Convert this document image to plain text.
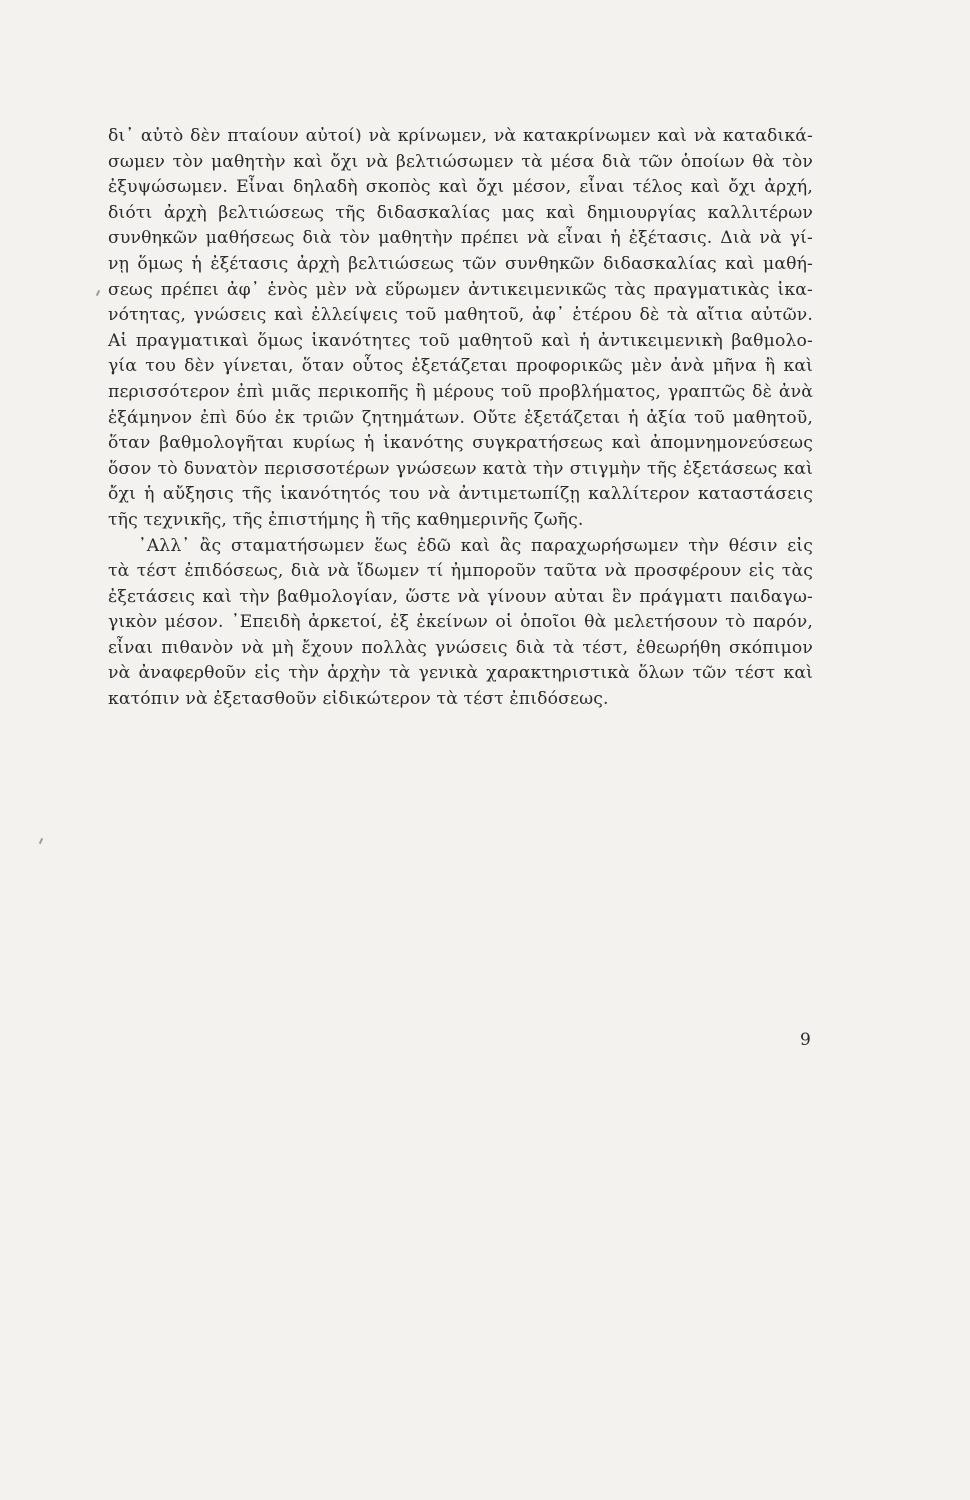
δι᾽ αὐτὸ δὲν πταίουν αὐτοί) νὰ κρίνωμεν, νὰ κατακρίνωμεν καὶ νὰ καταδικά-
σωμεν τὸν μαθητὴν καὶ ὄχι νὰ βελτιώσωμεν τὰ μέσα διὰ τῶν ὁποίων θὰ τὸν
ἐξυψώσωμεν. Εἶναι δηλαδὴ σκοπὸς καὶ ὄχι μέσον, εἶναι τέλος καὶ ὄχι ἀρχή,
διότι ἀρχὴ βελτιώσεως τῆς διδασκαλίας μας καὶ δημιουργίας καλλιτέρων
συνθηκῶν μαθήσεως διὰ τὸν μαθητὴν πρέπει νὰ εἶναι ἡ ἐξέτασις. Διὰ νὰ γί-
νῃ ὅμως ἡ ἐξέτασις ἀρχὴ βελτιώσεως τῶν συνθηκῶν διδασκαλίας καὶ μαθή-
σεως πρέπει ἀφ᾽ ἑνὸς μὲν νὰ εὕρωμεν ἀντικειμενικῶς τὰς πραγματικὰς ἱκα-
νότητας, γνώσεις καὶ ἐλλείψεις τοῦ μαθητοῦ, ἀφ᾽ ἑτέρου δὲ τὰ αἴτια αὐτῶν.
Αἱ πραγματικαὶ ὅμως ἱκανότητες τοῦ μαθητοῦ καὶ ἡ ἀντικειμενικὴ βαθμολο-
γία του δὲν γίνεται, ὅταν οὗτος ἐξετάζεται προφορικῶς μὲν ἀνὰ μῆνα ἢ καὶ
περισσότερον ἐπὶ μιᾶς περικοπῆς ἢ μέρους τοῦ προβλήματος, γραπτῶς δὲ ἀνὰ
ἑξάμηνον ἐπὶ δύο ἐκ τριῶν ζητημάτων. Οὔτε ἐξετάζεται ἡ ἀξία τοῦ μαθητοῦ,
ὅταν βαθμολογῆται κυρίως ἡ ἱκανότης συγκρατήσεως καὶ ἀπομνημονεύσεως
ὅσον τὸ δυνατὸν περισσοτέρων γνώσεων κατὰ τὴν στιγμὴν τῆς ἐξετάσεως καὶ
ὄχι ἡ αὔξησις τῆς ἱκανότητός του νὰ ἀντιμετωπίζῃ καλλίτερον καταστάσεις
τῆς τεχνικῆς, τῆς ἐπιστήμης ἢ τῆς καθημερινῆς ζωῆς.
᾽Αλλ᾽ ἂς σταματήσωμεν ἕως ἐδῶ καὶ ἂς παραχωρήσωμεν τὴν θέσιν εἰς
τὰ τέστ ἐπιδόσεως, διὰ νὰ ἴδωμεν τί ἠμποροῦν ταῦτα νὰ προσφέρουν εἰς τὰς
ἐξετάσεις καὶ τὴν βαθμολογίαν, ὥστε νὰ γίνουν αὐται ἓν πράγματι παιδαγω-
γικὸν μέσον. ᾽Επειδὴ ἀρκετοί, ἐξ ἐκείνων οἱ ὁποῖοι θὰ μελετήσουν τὸ παρόν,
εἶναι πιθανὸν νὰ μὴ ἔχουν πολλὰς γνώσεις διὰ τὰ τέστ, ἐθεωρήθη σκόπιμον
νὰ ἀναφερθοῦν εἰς τὴν ἀρχὴν τὰ γενικὰ χαρακτηριστικὰ ὅλων τῶν τέστ καὶ
κατόπιν νὰ ἐξετασθοῦν εἰδικώτερον τὰ τέστ ἐπιδόσεως.
9
